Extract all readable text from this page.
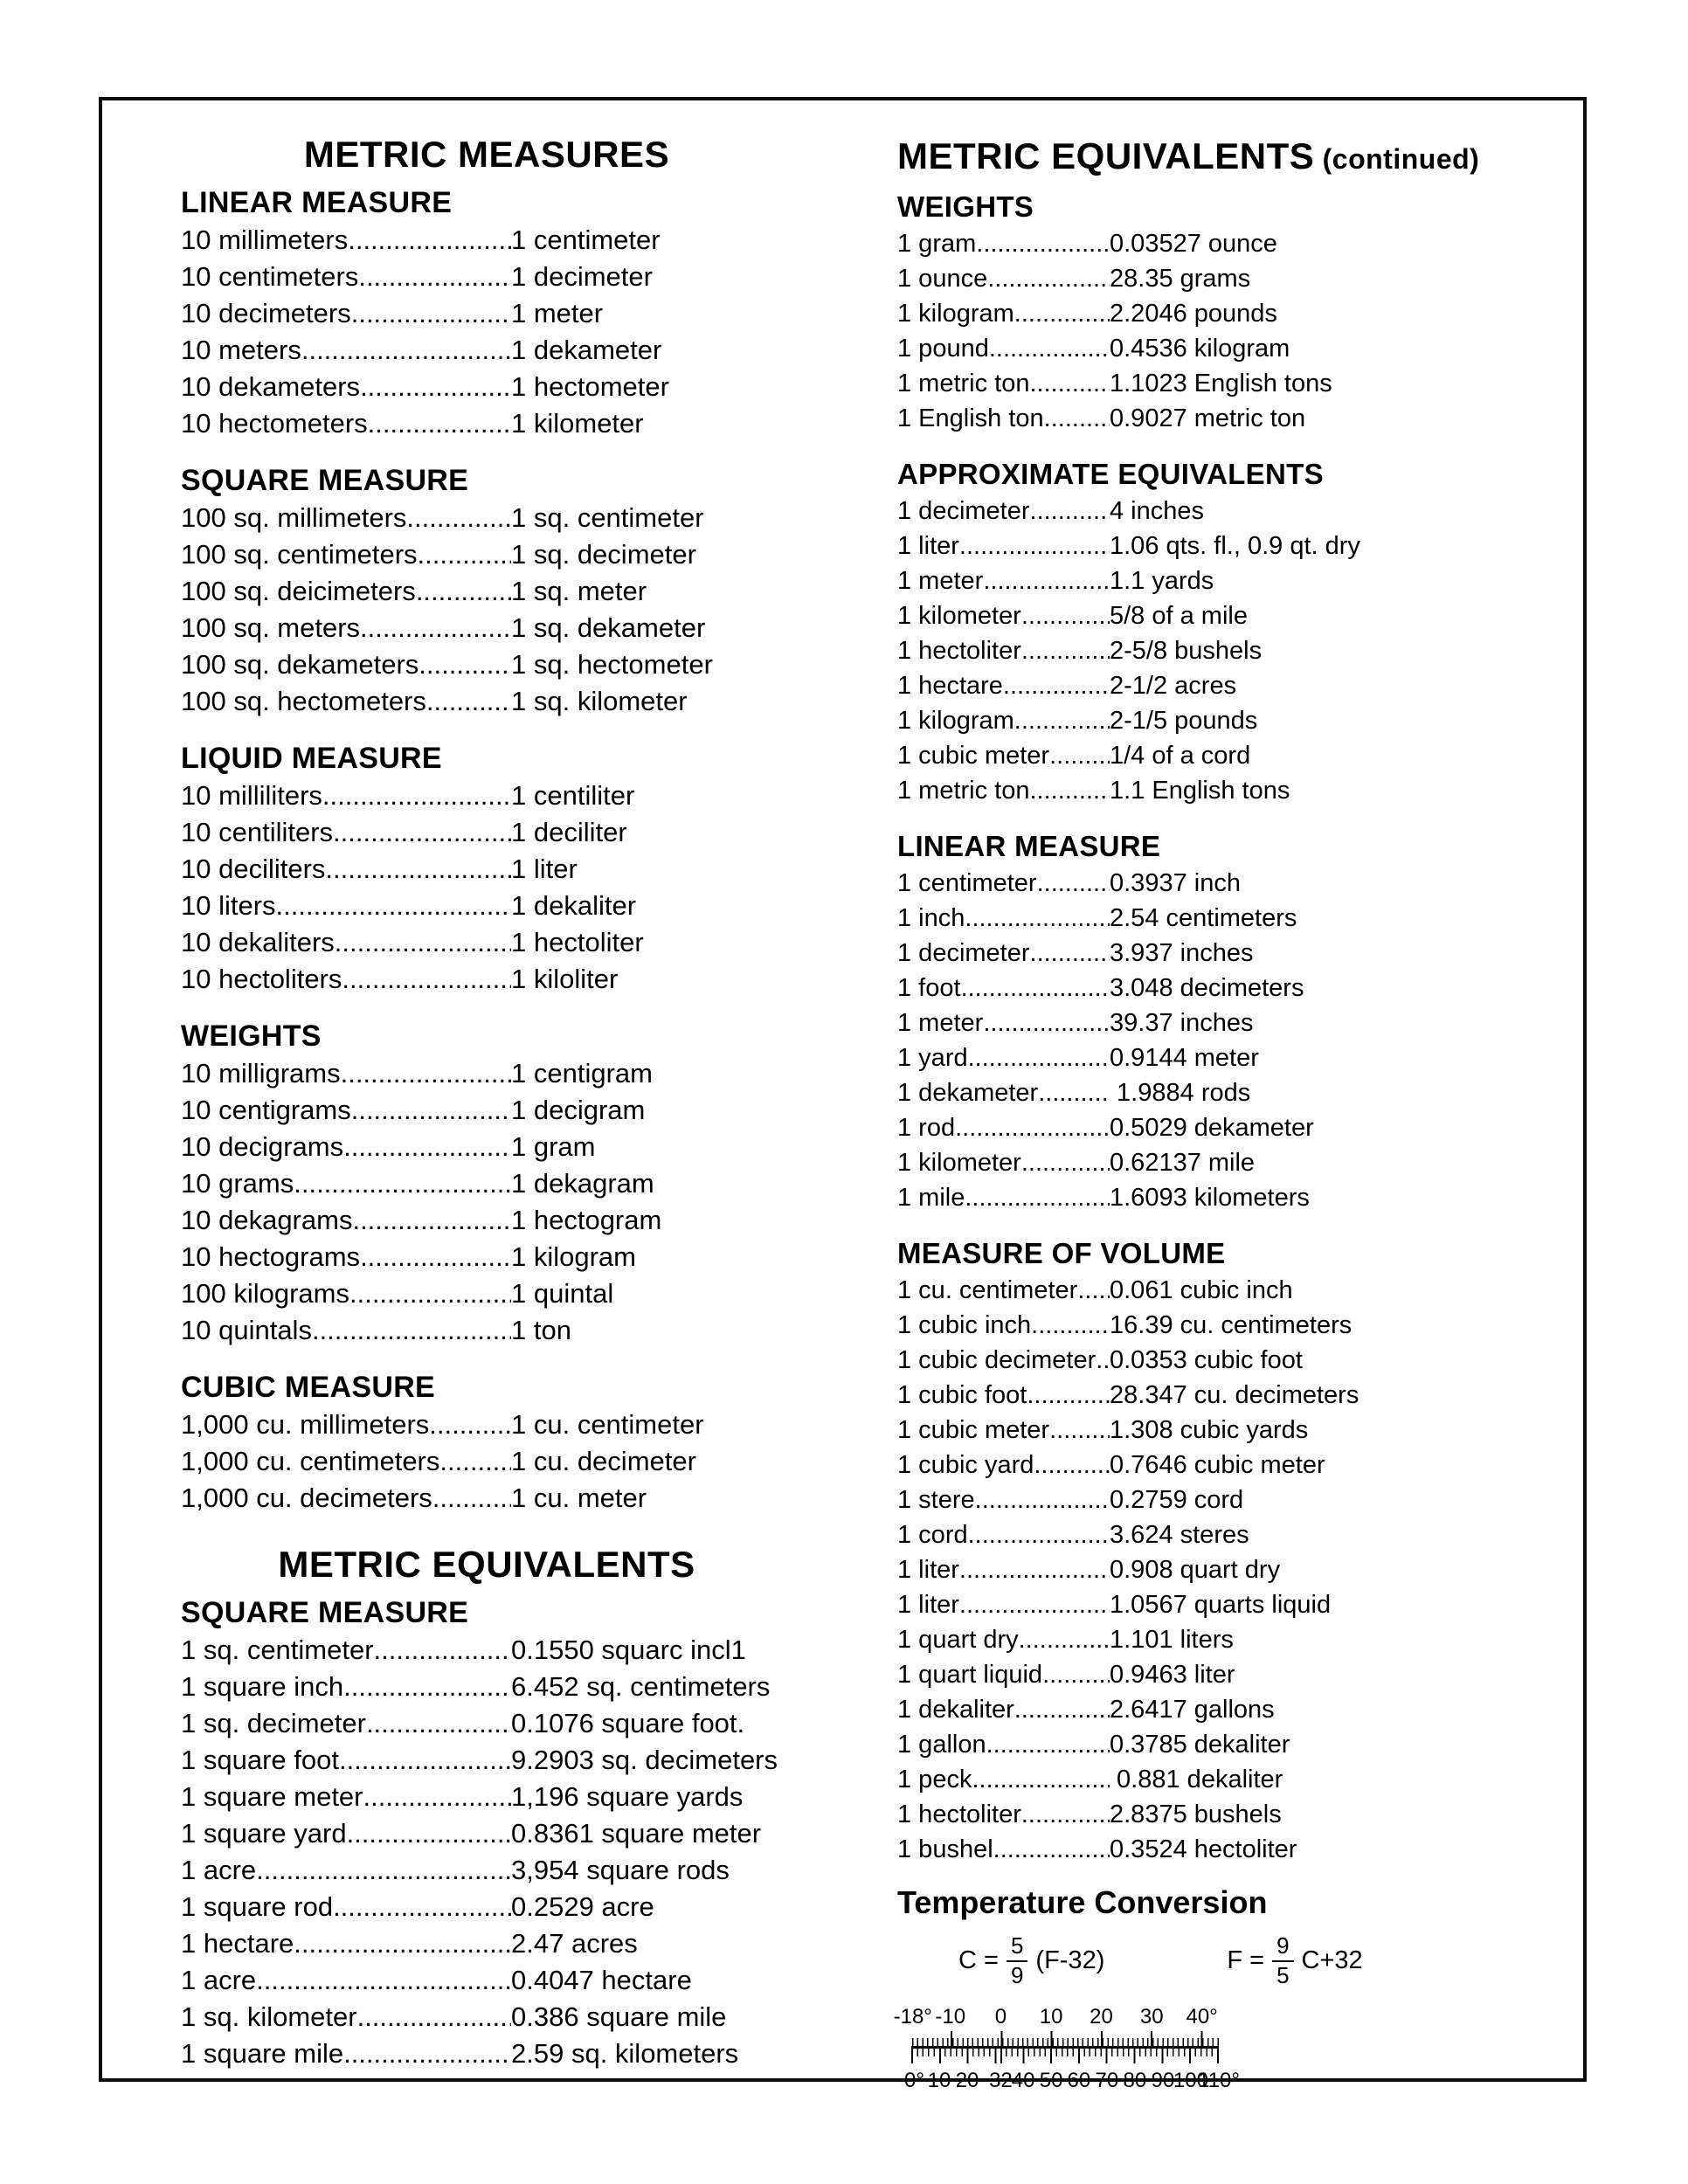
METRIC MEASURES
LINEAR MEASURE
10 millimeters .....	1 centimeter
10 centimeters .....	1 decimeter
10 decimeters .....	1 meter
10 meters .....	1 dekameter
10 dekameters .....	1 hectometer
10 hectometers .....	1 kilometer
SQUARE MEASURE
100 sq. millimeters .....	1 sq. centimeter
100 sq. centimeters .....	1 sq. decimeter
100 sq. deicimeters .....	1 sq. meter
100 sq. meters .....	1 sq. dekameter
100 sq. dekameters .....	1 sq. hectometer
100 sq. hectometers .....	1 sq. kilometer
LIQUID MEASURE
10 milliliters .....	1 centiliter
10 centiliters .....	1 deciliter
10 deciliters .....	1 liter
10 liters .....	1 dekaliter
10 dekaliters .....	1 hectoliter
10 hectoliters .....	1 kiloliter
WEIGHTS
10 milligrams .....	1 centigram
10 centigrams .....	1 decigram
10 decigrams .....	1 gram
10 grams .....	1 dekagram
10 dekagrams .....	1 hectogram
10 hectograms .....	1 kilogram
100 kilograms .....	1 quintal
10 quintals .....	1 ton
CUBIC MEASURE
1,000 cu. millimeters .....	1 cu. centimeter
1,000 cu. centimeters .....	1 cu. decimeter
1,000 cu. decimeters .....	1 cu. meter
METRIC EQUIVALENTS
SQUARE MEASURE
1 sq. centimeter .....	0.1550 squarc incl1
1 square inch .....	6.452 sq. centimeters
1 sq. decimeter .....	0.1076 square foot.
1 square foot .....	9.2903 sq. decimeters
1 square meter .....	1,196 square yards
1 square yard .....	0.8361 square meter
1 acre .....	3,954 square rods
1 square rod .....	0.2529 acre
1 hectare .....	2.47 acres
1 acre .....	0.4047 hectare
1 sq. kilometer .....	0.386 square mile
1 square mile .....	2.59 sq. kilometers
METRIC EQUIVALENTS (continued)
WEIGHTS
1 gram .....	0.03527 ounce
1 ounce .....	28.35 grams
1 kilogram .....	2.2046 pounds
1 pound .....	0.4536 kilogram
1 metric ton .....	1.1023 English tons
1 English ton .....	0.9027 metric ton
APPROXIMATE EQUIVALENTS
1 decimeter .....	4 inches
1 liter .....	1.06 qts. fl., 0.9 qt. dry
1 meter .....	1.1 yards
1 kilometer .....	5/8 of a mile
1 hectoliter .....	2-5/8 bushels
1 hectare .....	2-1/2 acres
1 kilogram .....	2-1/5 pounds
1 cubic meter ..... 1/4 of a cord
1 metric ton .....	1.1 English tons
LINEAR MEASURE
1 centimeter .....	0.3937 inch
1 inch .....	2.54 centimeters
1 decimeter .....	3.937 inches
1 foot .....	3.048 decimeters
1 meter .....	39.37 inches
1 yard .....	0.9144 meter
1 dekameter .....	1.9884 rods
1 rod .....	0.5029 dekameter
1 kilometer .....	0.62137 mile
1 mile .....	1.6093 kilometers
MEASURE OF VOLUME
1 cu. centimeter ..... 0.061 cubic inch
1 cubic inch .....	16.39 cu. centimeters
1 cubic decimeter ..... 0.0353 cubic foot
1 cubic foot .....	28.347 cu. decimeters
1 cubic meter ..... 1.308 cubic yards
1 cubic yard .....	0.7646 cubic meter
1 stere .....	0.2759 cord
1 cord .....	3.624 steres
1 liter .....	0.908 quart dry
1 liter .....	1.0567 quarts liquid
1 quart dry .....	1.101 liters
1 quart liquid .....	0.9463 liter
1 dekaliter .....	2.6417 gallons
1 gallon .....	0.3785 dekaliter
1 peck .....	0.881 dekaliter
1 hectoliter .....	2.8375 bushels
1 bushel .....	0.3524 hectoliter
Temperature Conversion
$C = \frac{5}{9} (F-32)$	$F = \frac{9}{5} C+32$
-18° -10 0 10 20 30 40°
0° 10 20 32 40 50 60 70 80 90
100
110°
